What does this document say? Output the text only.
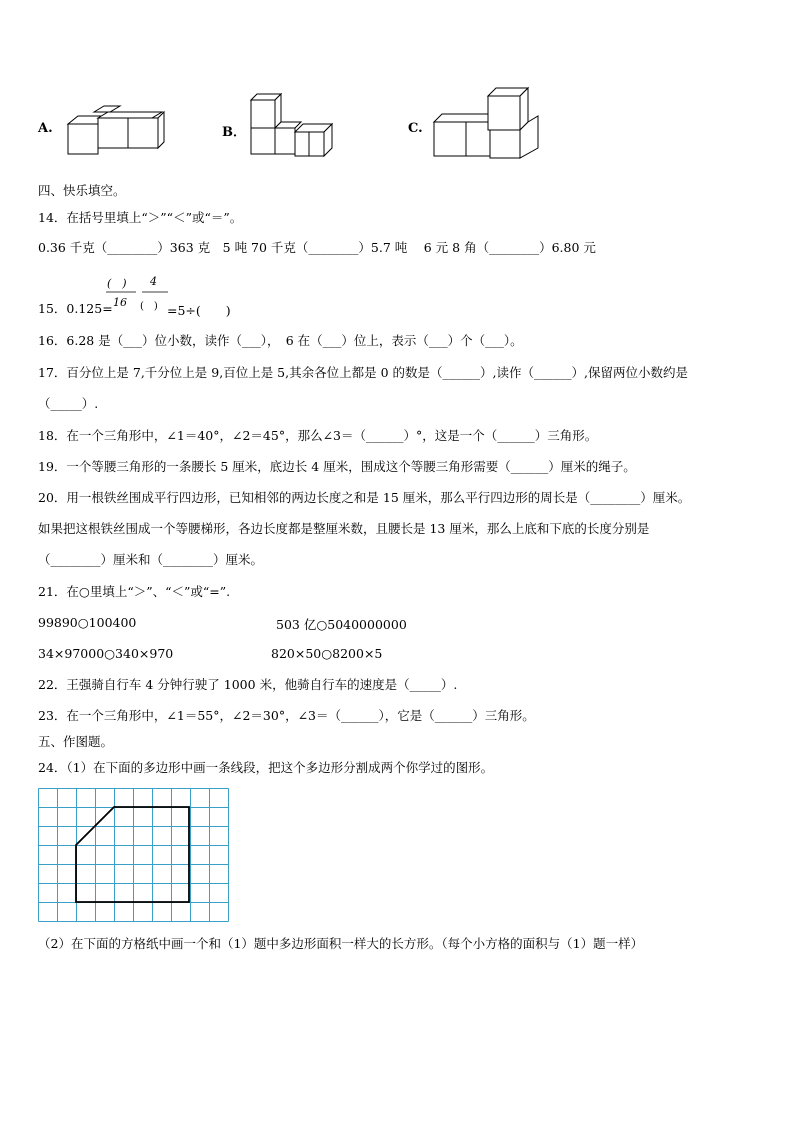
A.	B．	C.
四、快乐填空。
14．在括号里填上“＞”“＜”或“＝”。
0.36 千克（________）363 克　5 吨 70 千克（________）5.7 吨　 6 元 8 角（________）6.80 元
(　) 4
16 (　)
15．0.125=	=5÷(　　)
16．6.28 是（___）位小数，读作（___），　6 在（___）位上，表示（___）个（___）。
17．百分位上是 7,千分位上是 9,百位上是 5,其余各位上都是 0 的数是（______）,读作（______）,保留两位小数约是
（_____）.
18．在一个三角形中，∠1＝40°，∠2＝45°，那么∠3＝（______）°，这是一个（______）三角形。
19．一个等腰三角形的一条腰长 5 厘米，底边长 4 厘米，围成这个等腰三角形需要（______）厘米的绳子。
20．用一根铁丝围成平行四边形，已知相邻的两边长度之和是 15 厘米，那么平行四边形的周长是（________）厘米。
如果把这根铁丝围成一个等腰梯形，各边长度都是整厘米数，且腰长是 13 厘米，那么上底和下底的长度分别是
（________）厘米和（________）厘米。
21．在○里填上“＞”、“＜”或“=”.
99890○100400	503 亿○5040000000
34×97000○340×970	820×50○8200×5
22．王强骑自行车 4 分钟行驶了 1000 米，他骑自行车的速度是（_____）.
23．在一个三角形中，∠1＝55°，∠2＝30°，∠3＝（______），它是（______）三角形。
五、作图题。
24．（1）在下面的多边形中画一条线段，把这个多边形分割成两个你学过的图形。
（2）在下面的方格纸中画一个和（1）题中多边形面积一样大的长方形。（每个小方格的面积与（1）题一样）
